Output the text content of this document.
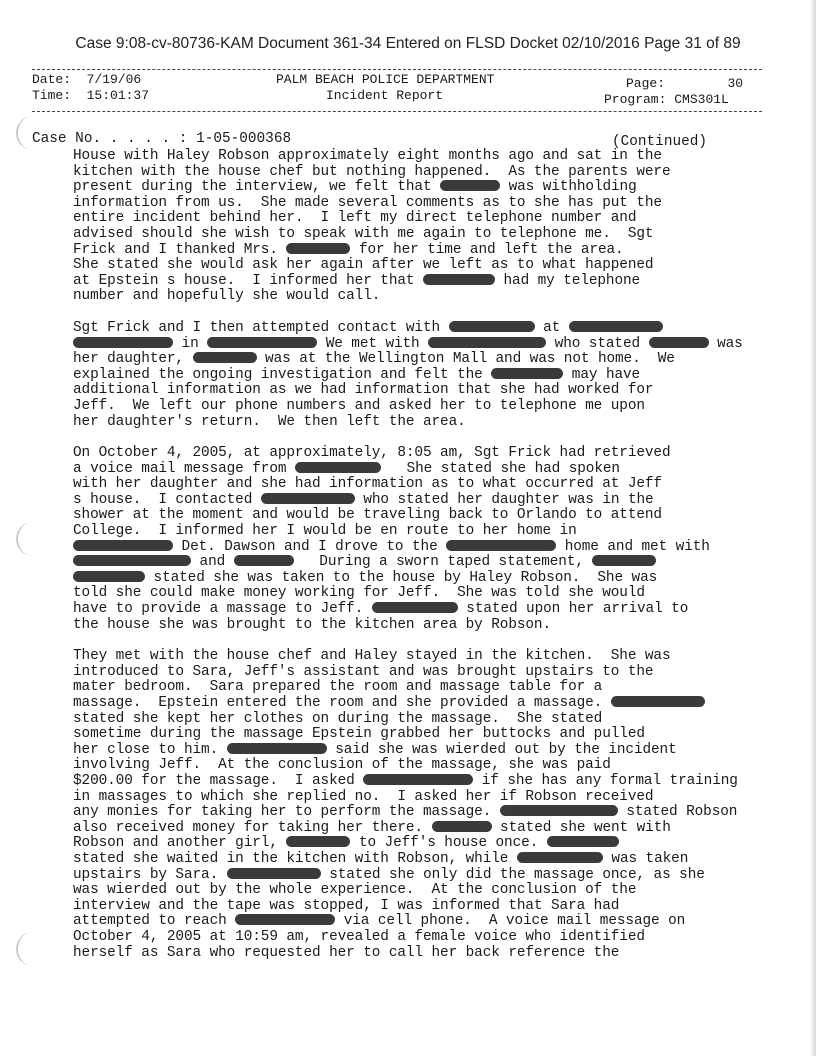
Case 9:08-cv-80736-KAM Document 361-34 Entered on FLSD Docket 02/10/2016 Page 31 of 89
Date: 7/19/06
Time: 15:01:37
PALM BEACH POLICE DEPARTMENT
Incident Report
Page:	30
Program: CMS301L
Case No. . . . . : 1-05-000368	(Continued)
House with Haley Robson approximately eight months ago and sat in the
kitchen with the house chef but nothing happened.  As the parents were
present during the interview, we felt that	was withholding
information from us.  She made several comments as to she has put the
entire incident behind her.  I left my direct telephone number and
advised should she wish to speak with me again to telephone me.  Sgt
Frick and I thanked Mrs.	for her time and left the area.
She stated she would ask her again after we left as to what happened
at Epstein s house.  I informed her that	had my telephone
number and hopefully she would call.
Sgt Frick and I then attempted contact with	at
in	We met with	who stated	was
her daughter,	was at the Wellington Mall and was not home.  We
explained the ongoing investigation and felt the	may have
additional information as we had information that she had worked for
Jeff.  We left our phone numbers and asked her to telephone me upon
her daughter's return.  We then left the area.
On October 4, 2005, at approximately, 8:05 am, Sgt Frick had retrieved
a voice mail message from	She stated she had spoken
with her daughter and she had information as to what occurred at Jeff
s house.  I contacted	who stated her daughter was in the
shower at the moment and would be traveling back to Orlando to attend
College.  I informed her I would be en route to her home in
Det. Dawson and I drove to the	home and met with
and	During a sworn taped statement,
stated she was taken to the house by Haley Robson.  She was
told she could make money working for Jeff.  She was told she would
have to provide a massage to Jeff.	stated upon her arrival to
the house she was brought to the kitchen area by Robson.
They met with the house chef and Haley stayed in the kitchen.  She was
introduced to Sara, Jeff's assistant and was brought upstairs to the
mater bedroom.  Sara prepared the room and massage table for a
massage.  Epstein entered the room and she provided a massage.
stated she kept her clothes on during the massage.  She stated
sometime during the massage Epstein grabbed her buttocks and pulled
her close to him.	said she was wierded out by the incident
involving Jeff.  At the conclusion of the massage, she was paid
$200.00 for the massage.  I asked	if she has any formal training
in massages to which she replied no.  I asked her if Robson received
any monies for taking her to perform the massage.	stated Robson
also received money for taking her there.	stated she went with
Robson and another girl,	to Jeff's house once.
stated she waited in the kitchen with Robson, while	was taken
upstairs by Sara.	stated she only did the massage once, as she
was wierded out by the whole experience.  At the conclusion of the
interview and the tape was stopped, I was informed that Sara had
attempted to reach	via cell phone.  A voice mail message on
October 4, 2005 at 10:59 am, revealed a female voice who identified
herself as Sara who requested her to call her back reference the
